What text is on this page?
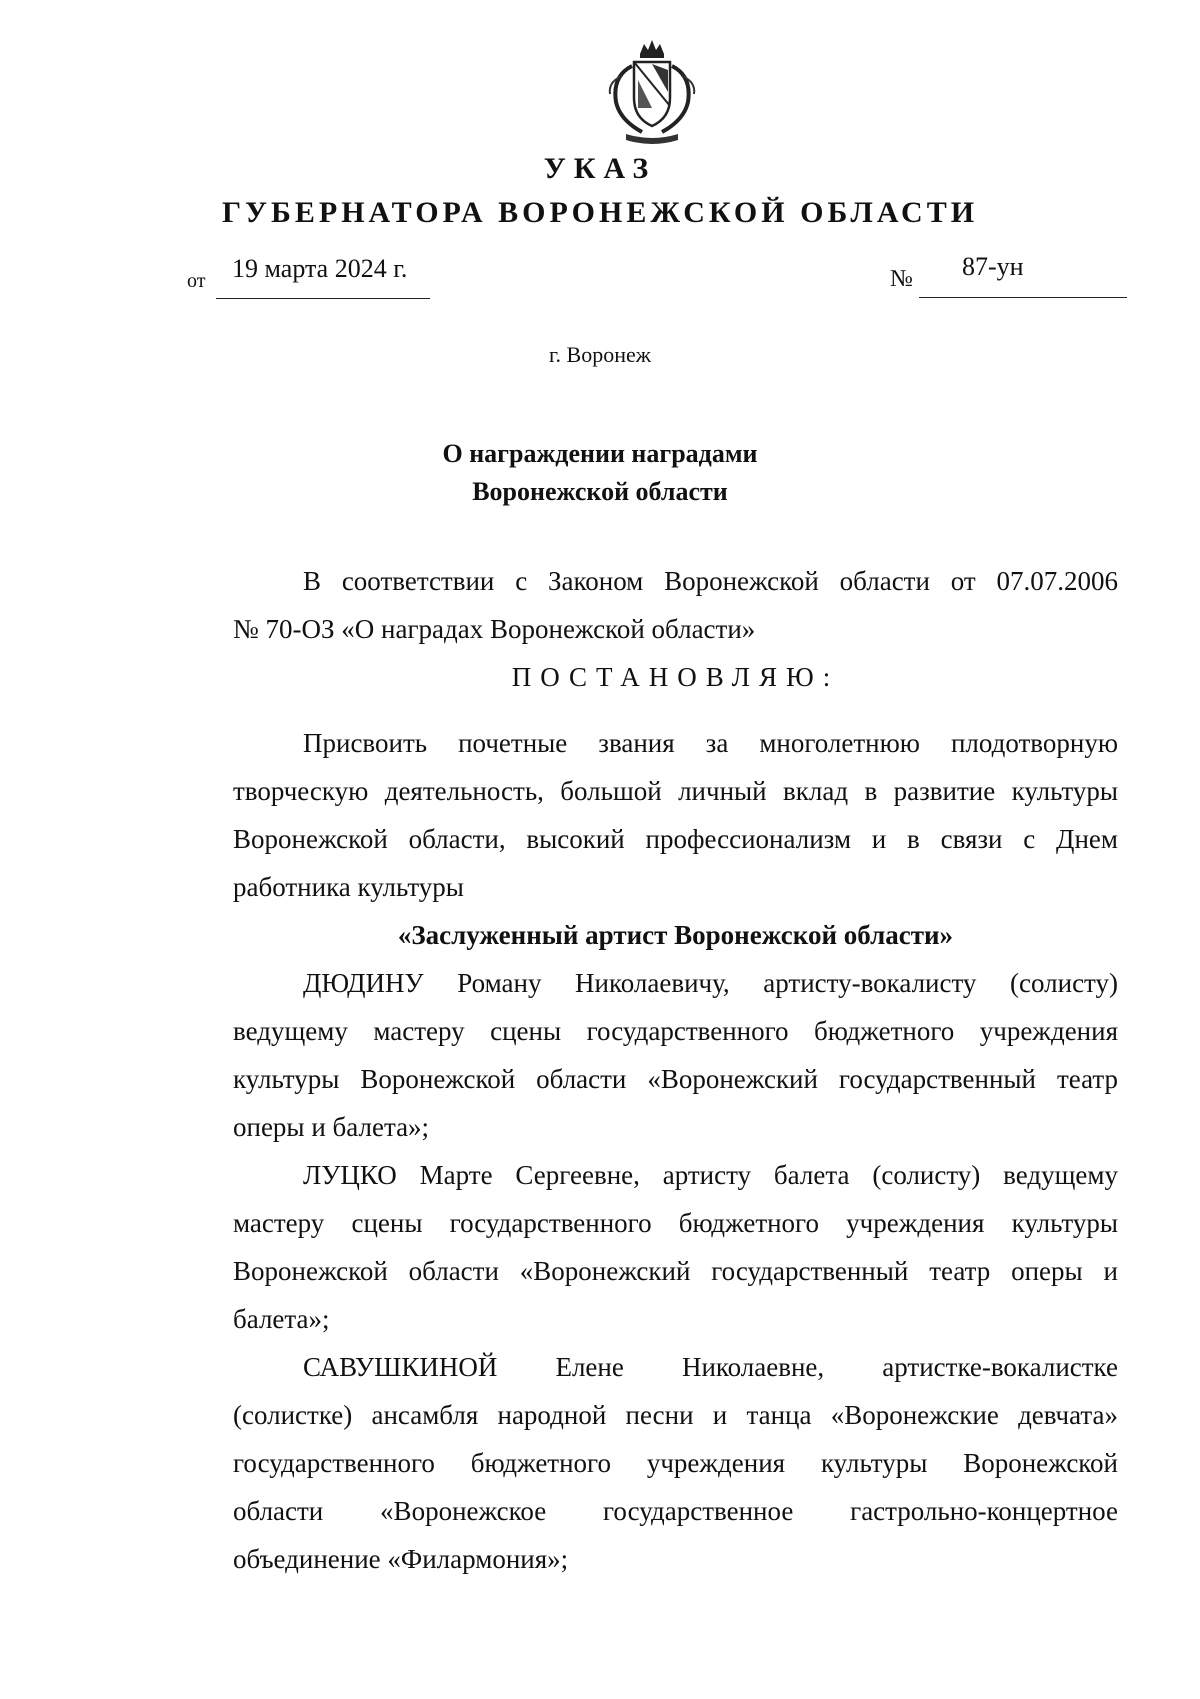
УКАЗ
ГУБЕРНАТОРА ВОРОНЕЖСКОЙ ОБЛАСТИ
от 19 марта 2024 г.	№ 87-ун
г. Воронеж
О награждении наградами
Воронежской области
В соответствии с Законом Воронежской области от 07.07.2006
№ 70-ОЗ «О наградах Воронежской области»
ПОСТАНОВЛЯЮ:
Присвоить почетные звания за многолетнюю плодотворную
творческую деятельность, большой личный вклад в развитие культуры
Воронежской области, высокий профессионализм и в связи с Днем
работника культуры
«Заслуженный артист Воронежской области»
ДЮДИНУ Роману Николаевичу, артисту-вокалисту (солисту)
ведущему мастеру сцены государственного бюджетного учреждения
культуры Воронежской области «Воронежский государственный театр
оперы и балета»;
ЛУЦКО Марте Сергеевне, артисту балета (солисту) ведущему
мастеру сцены государственного бюджетного учреждения культуры
Воронежской области «Воронежский государственный театр оперы и
балета»;
САВУШКИНОЙ Елене Николаевне, артистке-вокалистке
(солистке) ансамбля народной песни и танца «Воронежские девчата»
государственного бюджетного учреждения культуры Воронежской
области «Воронежское государственное гастрольно-концертное
объединение «Филармония»;
